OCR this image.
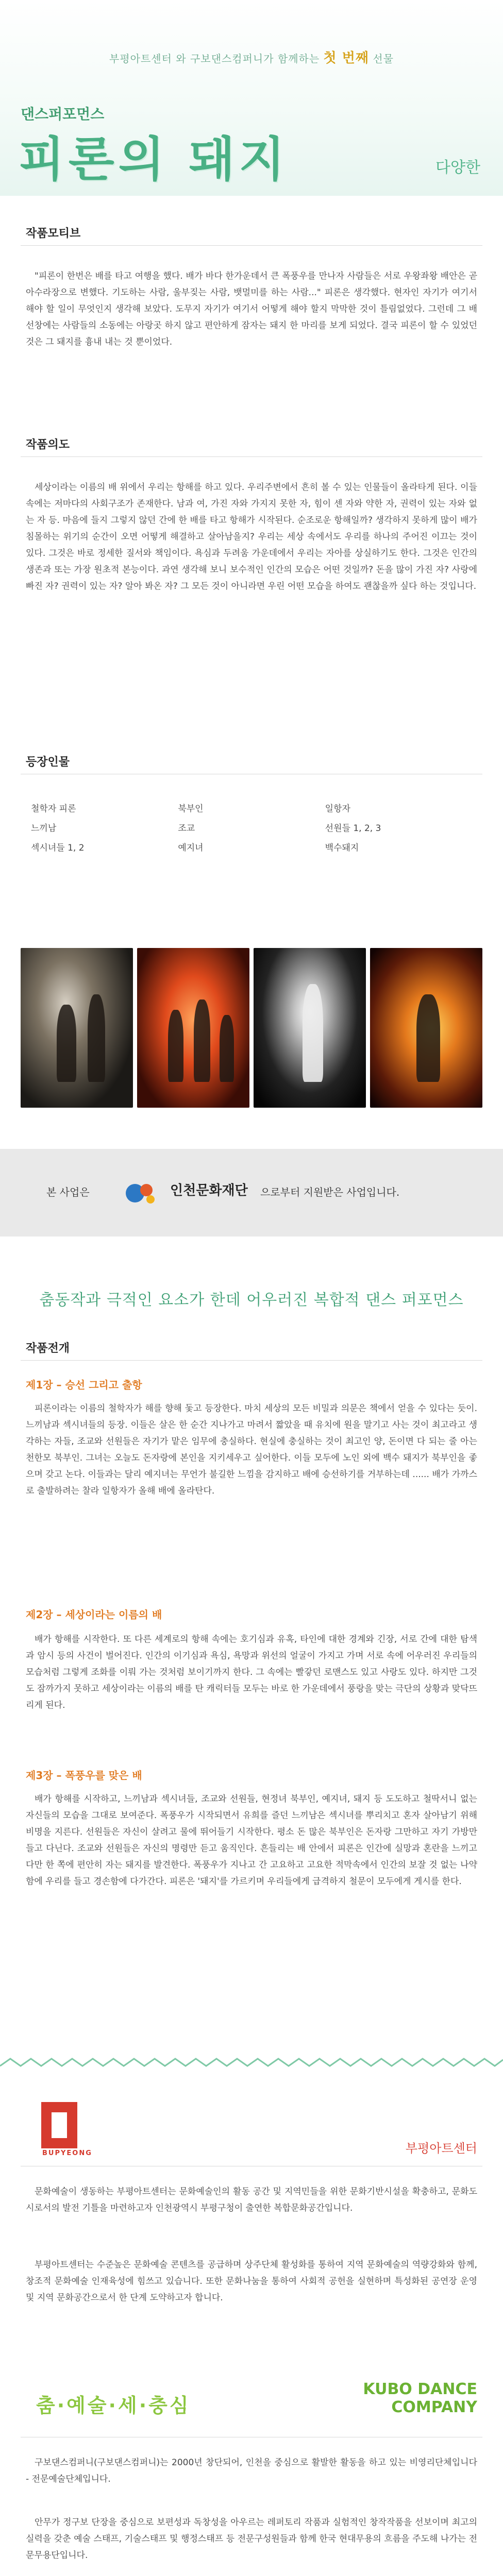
부평아트센터 와 구보댄스컴퍼니가 함께하는 첫 번째 선물
댄스퍼포먼스
피론의 돼지	다양한
작품모티브
"피론이 한번은 배를 타고 여행을 했다. 배가 바다 한가운데서 큰 폭풍우를 만나자 사람들은 서로 우왕좌왕 배안은 곧 아수라장으로 변했다. 기도하는 사람, 울부짖는 사람, 뱃멀미를 하는 사람..." 피론은 생각했다. 현자인 자기가 여기서 해야 할 일이 무엇인지 생각해 보았다. 도무지 자기가 여기서 어떻게 해야 할지 막막한 것이 틀림없었다. 그런데 그 배 선창에는 사람들의 소동에는 아랑곳 하지 않고 편안하게 잠자는 돼지 한 마리를 보게 되었다. 결국 피론이 할 수 있었던 것은 그 돼지를 흉내 내는 것 뿐이었다.
작품의도
세상이라는 이름의 배 위에서 우리는 항해를 하고 있다. 우리주변에서 흔히 볼 수 있는 인물들이 올라타게 된다. 이들 속에는 저마다의 사회구조가 존재한다. 남과 여, 가진 자와 가지지 못한 자, 힘이 센 자와 약한 자, 권력이 있는 자와 없는 자 등. 마음에 들지 그렇지 않던 간에 한 배를 타고 항해가 시작된다. 순조로운 항해일까? 생각하지 못하게 많이 배가 침몰하는 위기의 순간이 오면 어떻게 해결하고 살아남을지? 우리는 세상 속에서도 우리를 하나의 주어진 이끄는 것이 있다. 그것은 바로 정세한 질서와 책임이다. 욕심과 두려움 가운데에서 우리는 자아를 상실하기도 한다. 그것은 인간의 생존과 또는 가장 원초적 본능이다. 과연 생각해 보니 보수적인 인간의 모습은 어떤 것일까? 돈을 많이 가진 자? 사랑에 빠진 자? 권력이 있는 자? 알아 봐온 자? 그 모든 것이 아니라면 우린 어떤 모습을 하여도 괜찮을까 싶다 하는 것입니다.
등장인물
철학자 피론	북부인	일항자
느끼남	조교	선원들 1, 2, 3
섹시녀들 1, 2	예지녀	백수돼지
본 사업은	인천문화재단 으로부터 지원받은 사업입니다.
춤동작과 극적인 요소가 한데 어우러진 복합적 댄스 퍼포먼스
작품전개
제1장 – 승선 그리고 출항
피론이라는 이름의 철학자가 해를 향해 돛고 등장한다. 마치 세상의 모든 비밀과 의문은 책에서 얻을 수 있다는 듯이. 느끼남과 섹시녀들의 등장. 이들은 살은 한 순간 지나가고 마려서 짧았을 때 유치에 원을 말기고 사는 것이 최고라고 생각하는 자들, 조교와 선원들은 자기가 맡은 임무에 충실하다. 현실에 충실하는 것이 최고인 양, 돈이면 다 되는 줄 아는 천한모 북부인. 그녀는 오늘도 돈자랑에 본인을 지키세우고 싶어한다. 이들 모두에 노인 외에 백수 돼지가 북부인을 좋으며 갖고 논다. 이들과는 달리 예지녀는 무언가 불길한 느낌을 감지하고 배에 승선하기를 거부하는데 ...... 배가 가까스로 출발하려는 찰라 일항자가 올해 배에 올라탄다.
제2장 – 세상이라는 이름의 배
배가 항해를 시작한다. 또 다른 세계로의 항해 속에는 호기심과 유혹, 타인에 대한 경계와 긴장, 서로 간에 대한 탐색과 암시 등의 사건이 벌어진다. 인간의 이기심과 욕심, 욕망과 위선의 얼굴이 가지고 가며 서로 속에 어우러진 우리들의 모습처럼 그렇게 조화를 이뤄 가는 것처럼 보이기까지 한다. 그 속에는 빨갛던 로맨스도 있고 사랑도 있다. 하지만 그것도 잠까가지 못하고 세상이라는 이름의 배를 탄 캐릭터들 모두는 바로 한 가운데에서 풍랑을 맞는 극단의 상황과 맞닥뜨리게 된다.
제3장 – 폭풍우를 맞은 배
배가 항해를 시작하고, 느끼남과 섹시녀들, 조교와 선원들, 현정녀 북부인, 예지녀, 돼지 등 도도하고 철딱서니 없는 자신들의 모습을 그대로 보여준다. 폭풍우가 시작되면서 유희를 즐던 느끼남은 섹시녀를 뿌리치고 혼자 살아남기 위해 비명을 지른다. 선원들은 자신이 살려고 물에 뛰어들기 시작한다. 평소 돈 많은 북부인은 돈자랑 그만하고 자기 가방만 들고 다닌다. 조교와 선원들은 자신의 명령만 듣고 움직인다. 흔들리는 배 안에서 피론은 인간에 실망과 혼란을 느끼고 다만 한 쪽에 편안히 자는 돼지를 발견한다. 폭풍우가 지나고 간 고요하고 고요한 적막속에서 인간의 보잘 것 없는 나약함에 우리를 들고 경손함에 다가간다. 피론은 '돼지'를 가르키며 우리들에게 급격하지 철문이 모두에게 게시를 한다.
BUPYEONG	부평아트센터
문화예술이 생동하는 부평아트센터는 문화예술인의 활동 공간 및 지역민들을 위한 문화기반시설을 확충하고, 문화도시로서의 발전 기틀을 마련하고자 인천광역시 부평구청이 출연한 복합문화공간입니다.
부평아트센터는 수준높은 문화예술 콘텐츠를 공급하며 상주단체 활성화를 통하여 지역 문화예술의 역량강화와 함께, 창조적 문화예술 인재육성에 힘쓰고 있습니다. 또한 문화나눔을 통하여 사회적 공헌을 실현하며 특성화된 공연장 운영 및 지역 문화공간으로서 한 단계 도약하고자 합니다.
춤·예술·세·충심
KUBO DANCE
COMPANY
구보댄스컴퍼니(구보댄스컴퍼니)는 2000년 창단되어, 인천을 중심으로 활발한 활동을 하고 있는 비영리단체입니다 - 전문예술단체입니다.
안무가 정구보 단장을 중심으로 보편성과 독창성을 아우르는 레퍼토리 작품과 실험적인 창작작품을 선보이며 최고의 실력을 갖춘 예술 스태프, 기술스태프 및 행정스태프 등 전문구성원들과 함께 한국 현대무용의 흐름을 주도해 나가는 전문무용단입니다.
